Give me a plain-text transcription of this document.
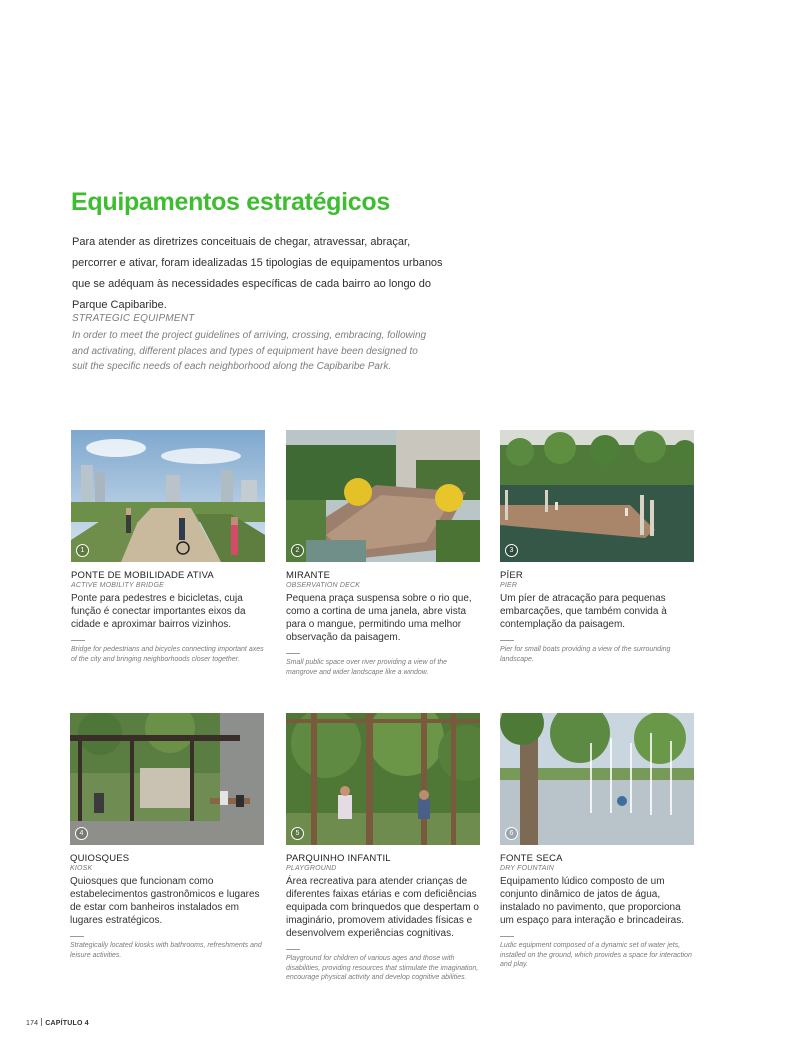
Equipamentos estratégicos

Para atender as diretrizes conceituais de chegar, atravessar, abraçar, percorrer e ativar, foram idealizadas 15 tipologias de equipamentos urbanos que se adéquam às necessidades específicas de cada bairro ao longo do Parque Capibaribe.

STRATEGIC EQUIPMENT

In order to meet the project guidelines of arriving, crossing, embracing, following and activating, different places and types of equipment have been designed to suit the specific needs of each neighborhood along the Capibaribe Park.

1

PONTE DE MOBILIDADE ATIVA

ACTIVE MOBILITY BRIDGE

Ponte para pedestres e bicicletas, cuja função é conectar importantes eixos da cidade e aproximar bairros vizinhos.

Bridge for pedestrians and bicycles connecting important axes of the city and bringing neighborhoods closer together.

2

MIRANTE

OBSERVATION DECK

Pequena praça suspensa sobre o rio que, como a cortina de uma janela, abre vista para o mangue, permitindo uma melhor observação da paisagem.

Small public space over river providing a view of the mangrove and wider landscape like a window.

3

PÍER

PIER

Um píer de atracação para pequenas embarcações, que também convida à contemplação da paisagem.

Pier for small boats providing a view of the surrounding landscape.

4

QUIOSQUES

KIOSK

Quiosques que funcionam como estabelecimentos gastronômicos e lugares de estar com banheiros instalados em lugares estratégicos.

Strategically located kiosks with bathrooms, refreshments and leisure activities.

5

PARQUINHO INFANTIL

PLAYGROUND

Área recreativa para atender crianças de diferentes faixas etárias e com deficiências equipada com brinquedos que despertam o imaginário, promovem atividades físicas e desenvolvem experiências cognitivas.

Playground for children of various ages and those with disabilities, providing resources that stimulate the imagination, encourage physical activity and develop cognitive abilities.

6

FONTE SECA

DRY FOUNTAIN

Equipamento lúdico composto de um conjunto dinâmico de jatos de água, instalado no pavimento, que proporciona um espaço para interação e brincadeiras.

Ludic equipment composed of a dynamic set of water jets, installed on the ground, which provides a space for interaction and play.

174 CAPÍTULO 4
